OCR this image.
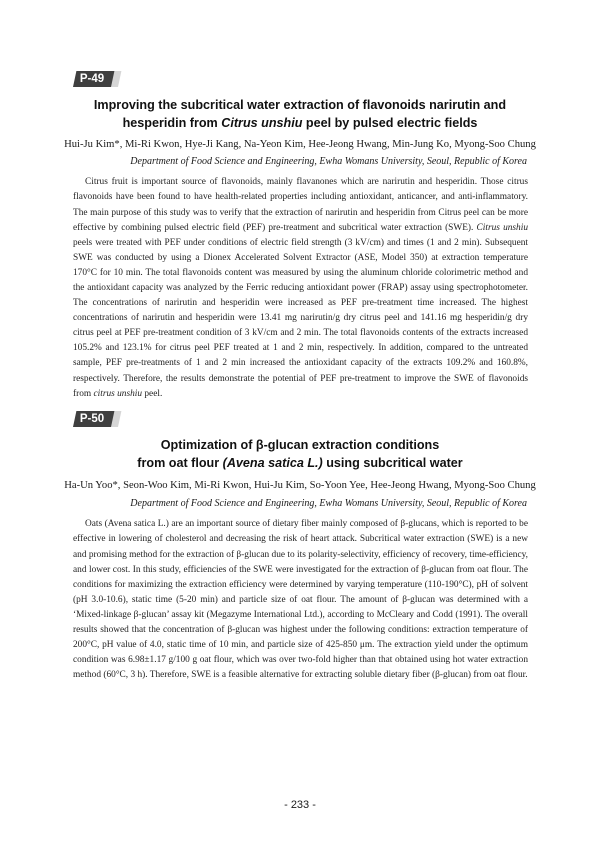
P-49
Improving the subcritical water extraction of flavonoids narirutin and
hesperidin from Citrus unshiu peel by pulsed electric fields
Hui-Ju Kim*, Mi-Ri Kwon, Hye-Ji Kang, Na-Yeon Kim, Hee-Jeong Hwang, Min-Jung Ko, Myong-Soo Chung
Department of Food Science and Engineering, Ewha Womans University, Seoul, Republic of Korea

Citrus fruit is important source of flavonoids, mainly flavanones which are narirutin and hesperidin. Those citrus flavonoids have been found to have health-related properties including antioxidant, anticancer, and anti-inflammatory. The main purpose of this study was to verify that the extraction of narirutin and hesperidin from Citrus peel can be more effective by combining pulsed electric field (PEF) pre-treatment and subcritical water extraction (SWE). Citrus unshiu peels were treated with PEF under conditions of electric field strength (3 kV/cm) and times (1 and 2 min). Subsequent SWE was conducted by using a Dionex Accelerated Solvent Extractor (ASE, Model 350) at extraction temperature 170°C for 10 min. The total flavonoids content was measured by using the aluminum chloride colorimetric method and the antioxidant capacity was analyzed by the Ferric reducing antioxidant power (FRAP) assay using spectrophotometer. The concentrations of narirutin and hesperidin were increased as PEF pre-treatment time increased. The highest concentrations of narirutin and hesperidin were 13.41 mg narirutin/g dry citrus peel and 141.16 mg hesperidin/g dry citrus peel at PEF pre-treatment condition of 3 kV/cm and 2 min. The total flavonoids contents of the extracts increased 105.2% and 123.1% for citrus peel PEF treated at 1 and 2 min, respectively. In addition, compared to the untreated sample, PEF pre-treatments of 1 and 2 min increased the antioxidant capacity of the extracts 109.2% and 160.8%, respectively. Therefore, the results demonstrate the potential of PEF pre-treatment to improve the SWE of flavonoids from citrus unshiu peel.

P-50
Optimization of β-glucan extraction conditions
from oat flour (Avena satica L.) using subcritical water
Ha-Un Yoo*, Seon-Woo Kim, Mi-Ri Kwon, Hui-Ju Kim, So-Yoon Yee, Hee-Jeong Hwang, Myong-Soo Chung
Department of Food Science and Engineering, Ewha Womans University, Seoul, Republic of Korea

Oats (Avena satica L.) are an important source of dietary fiber mainly composed of β-glucans, which is reported to be effective in lowering of cholesterol and decreasing the risk of heart attack. Subcritical water extraction (SWE) is a new and promising method for the extraction of β-glucan due to its polarity-selectivity, efficiency of recovery, time-efficiency, and lower cost. In this study, efficiencies of the SWE were investigated for the extraction of β-glucan from oat flour. The conditions for maximizing the extraction efficiency were determined by varying temperature (110-190°C), pH of solvent (pH 3.0-10.6), static time (5-20 min) and particle size of oat flour. The amount of β-glucan was determined with a ‘Mixed-linkage β-glucan’ assay kit (Megazyme International Ltd.), according to McCleary and Codd (1991). The overall results showed that the concentration of β-glucan was highest under the following conditions: extraction temperature of 200°C, pH value of 4.0, static time of 10 min, and particle size of 425-850 μm. The extraction yield under the optimum condition was 6.98±1.17 g/100 g oat flour, which was over two-fold higher than that obtained using hot water extraction method (60°C, 3 h). Therefore, SWE is a feasible alternative for extracting soluble dietary fiber (β-glucan) from oat flour.

- 233 -
